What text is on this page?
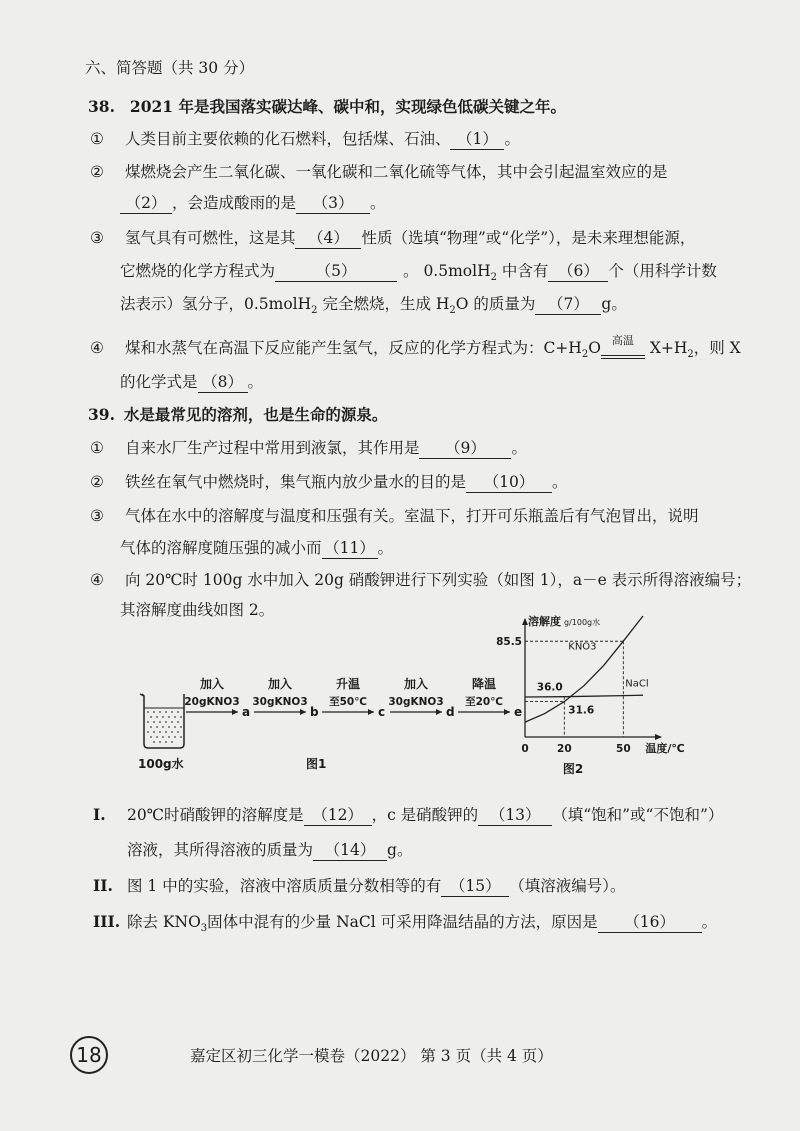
六、简答题（共 30 分）
38. 2021 年是我国落实碳达峰、碳中和，实现绿色低碳关键之年。
① 人类目前主要依赖的化石燃料，包括煤、石油、 （1） 。
② 煤燃烧会产生二氧化碳、一氧化碳和二氧化硫等气体，其中会引起温室效应的是
（2） ，会造成酸雨的是 （3） 。
③ 氢气具有可燃性，这是其 （4） 性质（选填“物理”或“化学”），是未来理想能源，
它燃烧的化学方程式为	（5）	。 0.5molH$_2$ 中含有 （6） 个（用科学计数
法表示）氢分子，0.5molH$_2$ 完全燃烧，生成 $H_2O$ 的质量为 （7） g。
④ 煤和水蒸气在高温下反应能产生氢气，反应的化学方程式为：$C+H_2O$	高温 $X+H_2$，则 X
的化学式是 （8） 。
39. 水是最常见的溶剂，也是生命的源泉。
① 自来水厂生产过程中常用到液氯，其作用是 （9） 。
② 铁丝在氧气中燃烧时，集气瓶内放少量水的目的是 （10） 。
③ 气体在水中的溶解度与温度和压强有关。室温下，打开可乐瓶盖后有气泡冒出，说明
气体的溶解度随压强的减小而 （11） 。
④ 向 20℃时 100g 水中加入 20g 硝酸钾进行下列实验（如图 1），a－e 表示所得溶液编号；
其溶解度曲线如图 2。
100g水
加入
20gKNO3
a
加入
30gKNO3
b
升温
至50℃
c
加入
30gKNO3
d
降温
至20℃
e
图1
溶解度 g/100g水
0	20	50 温度/℃
KNO3
NaCl
85.5
36.0
31.6
图2
I. 20℃时硝酸钾的溶解度是 （12） ，c 是硝酸钾的 （13） （填“饱和”或“不饱和”）
溶液，其所得溶液的质量为 （14） g。
II. 图 1 中的实验，溶液中溶质质量分数相等的有 （15） （填溶液编号）。
III. 除去 $KNO_3$固体中混有的少量 NaCl 可采用降温结晶的方法，原因是 （16） 。
18	嘉定区初三化学一模卷（2022） 第 3 页（共 4 页）
